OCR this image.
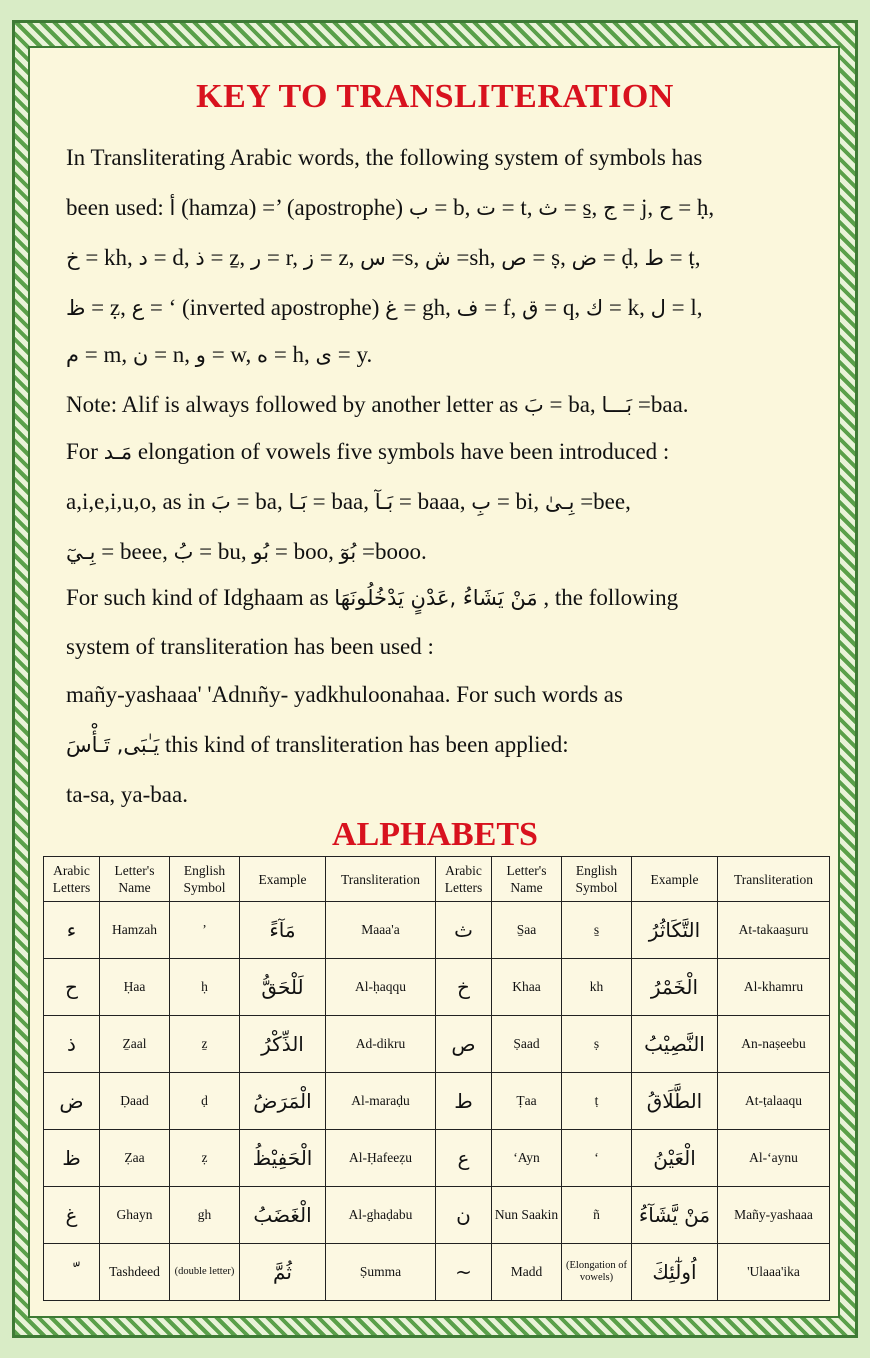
KEY TO TRANSLITERATION
In Transliterating Arabic words, the following system of symbols has
been used: أ (hamza) =’ (apostrophe) ب = b, ت = t, ث = s̱, ج = j, ح = ḥ,
خ = kh, د = d, ذ = z̠, ر = r, ز = z, س =s, ش =sh, ص = ṣ, ض = ḍ, ط = ṭ,
ظ = ẓ, ع = ‘ (inverted apostrophe) غ = gh, ف = f, ق = q, ك = k, ل = l,
م = m, ن = n, و = w, ه = h, ى = y.
Note: Alif is always followed by another letter as بَ = ba, بَـــا =baa.
For مَـد elongation of vowels five symbols have been introduced :
a,i,e,i,u,o, as in بَ = ba, بَـا = baa, بَـآ = baaa, بِ = bi, بِـىٰ =bee,
بِـيٓ = beee, بُ = bu, بُو = boo, بُوٓ =booo.
For such kind of Idghaam as مَنْ يَشَاءُ ,عَدْنٍ يَدْخُلُونَهَا , the following
system of transliteration has been used :
mañy-yashaaa' 'Adnıñy- yadkhuloonahaa. For such words as
يَـٰبَى, تَـأْسَ this kind of transliteration has been applied:
ta-sa, ya-baa.
ALPHABETS
Arabic Letters	Letter's Name	English Symbol	Example	Transliteration	Arabic Letters	Letter's Name	English Symbol	Example	Transliteration
ء	Hamzah	’	مَآءً	Maaa'a	ث	S̱aa	s̱	التَّكَاثُرُ	At-takaas̱uru
ح	Ḥaa	ḥ	لَلْحَقُّ	Al-ḥaqqu	خ	Khaa	kh	الْخَمْرُ	Al-khamru
ذ	Z̠aal	z̠	الذِّكْرُ	Ad-dikru	ص	Ṣaad	ṣ	النَّصِيْبُ	An-naṣeebu
ض	Ḍaad	ḍ	الْمَرَضُ	Al-maraḍu	ط	Ṭaa	ṭ	الطَّلَاقُ	At-ṭalaaqu
ظ	Ẓaa	ẓ	الْحَفِيْظُ	Al-Ḥafeeẓu	ع	‘Ayn	‘	الْعَيْنُ	Al-‘aynu
غ	Ghayn	gh	الْغَضَبُ	Al-ghaḍabu	ن	Nun Saakin	ñ	مَنْ يَّشَآءُ	Mañy-yashaaa
	Tashdeed	(double letter)	ثُمَّ	Ṣumma	~	Madd	(Elongation of vowels)	اُولٰٓئِكَ	'Ulaaa'ika
